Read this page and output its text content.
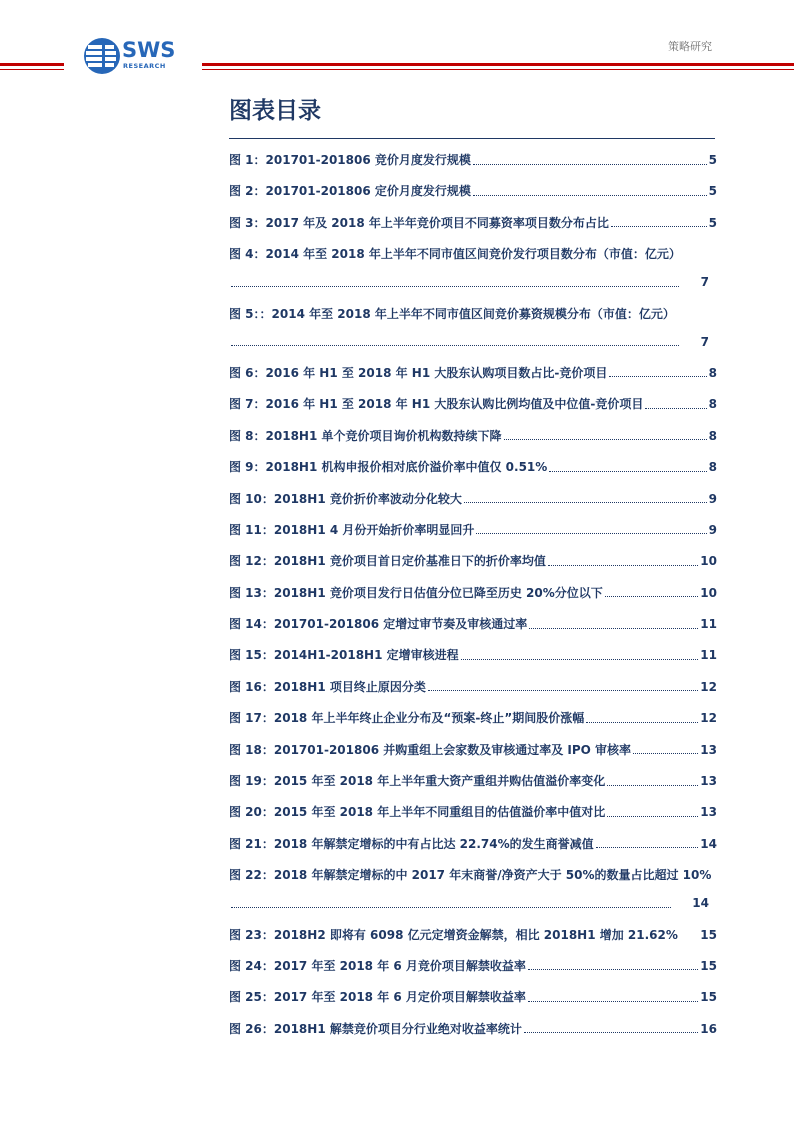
SWS
RESEARCH
策略研究
图表目录
图 1：201701-201806 竞价月度发行规模	5
图 2：201701-201806 定价月度发行规模	5
图 3：2017 年及 2018 年上半年竞价项目不同募资率项目数分布占比	5
图 4：2014 年至 2018 年上半年不同市值区间竞价发行项目数分布（市值：亿元）
7
图 5：：2014 年至 2018 年上半年不同市值区间竞价募资规模分布（市值：亿元）
7
图 6：2016 年 H1 至 2018 年 H1 大股东认购项目数占比-竞价项目	8
图 7：2016 年 H1 至 2018 年 H1 大股东认购比例均值及中位值-竞价项目	8
图 8：2018H1 单个竞价项目询价机构数持续下降	8
图 9：2018H1 机构申报价相对底价溢价率中值仅 0.51%	8
图 10：2018H1 竞价折价率波动分化较大	9
图 11：2018H1 4 月份开始折价率明显回升	9
图 12：2018H1 竞价项目首日定价基准日下的折价率均值	10
图 13：2018H1 竞价项目发行日估值分位已降至历史 20%分位以下	10
图 14：201701-201806 定增过审节奏及审核通过率	11
图 15：2014H1-2018H1 定增审核进程	11
图 16：2018H1 项目终止原因分类	12
图 17：2018 年上半年终止企业分布及“预案-终止”期间股价涨幅	12
图 18：201701-201806 并购重组上会家数及审核通过率及 IPO 审核率	13
图 19：2015 年至 2018 年上半年重大资产重组并购估值溢价率变化	13
图 20：2015 年至 2018 年上半年不同重组目的估值溢价率中值对比	13
图 21：2018 年解禁定增标的中有占比达 22.74%的发生商誉减值	14
图 22：2018 年解禁定增标的中 2017 年末商誉/净资产大于 50%的数量占比超过 10%
14
图 23：2018H2 即将有 6098 亿元定增资金解禁，相比 2018H1 增加 21.62% 15
图 24：2017 年至 2018 年 6 月竞价项目解禁收益率	15
图 25：2017 年至 2018 年 6 月定价项目解禁收益率	15
图 26：2018H1 解禁竞价项目分行业绝对收益率统计	16
